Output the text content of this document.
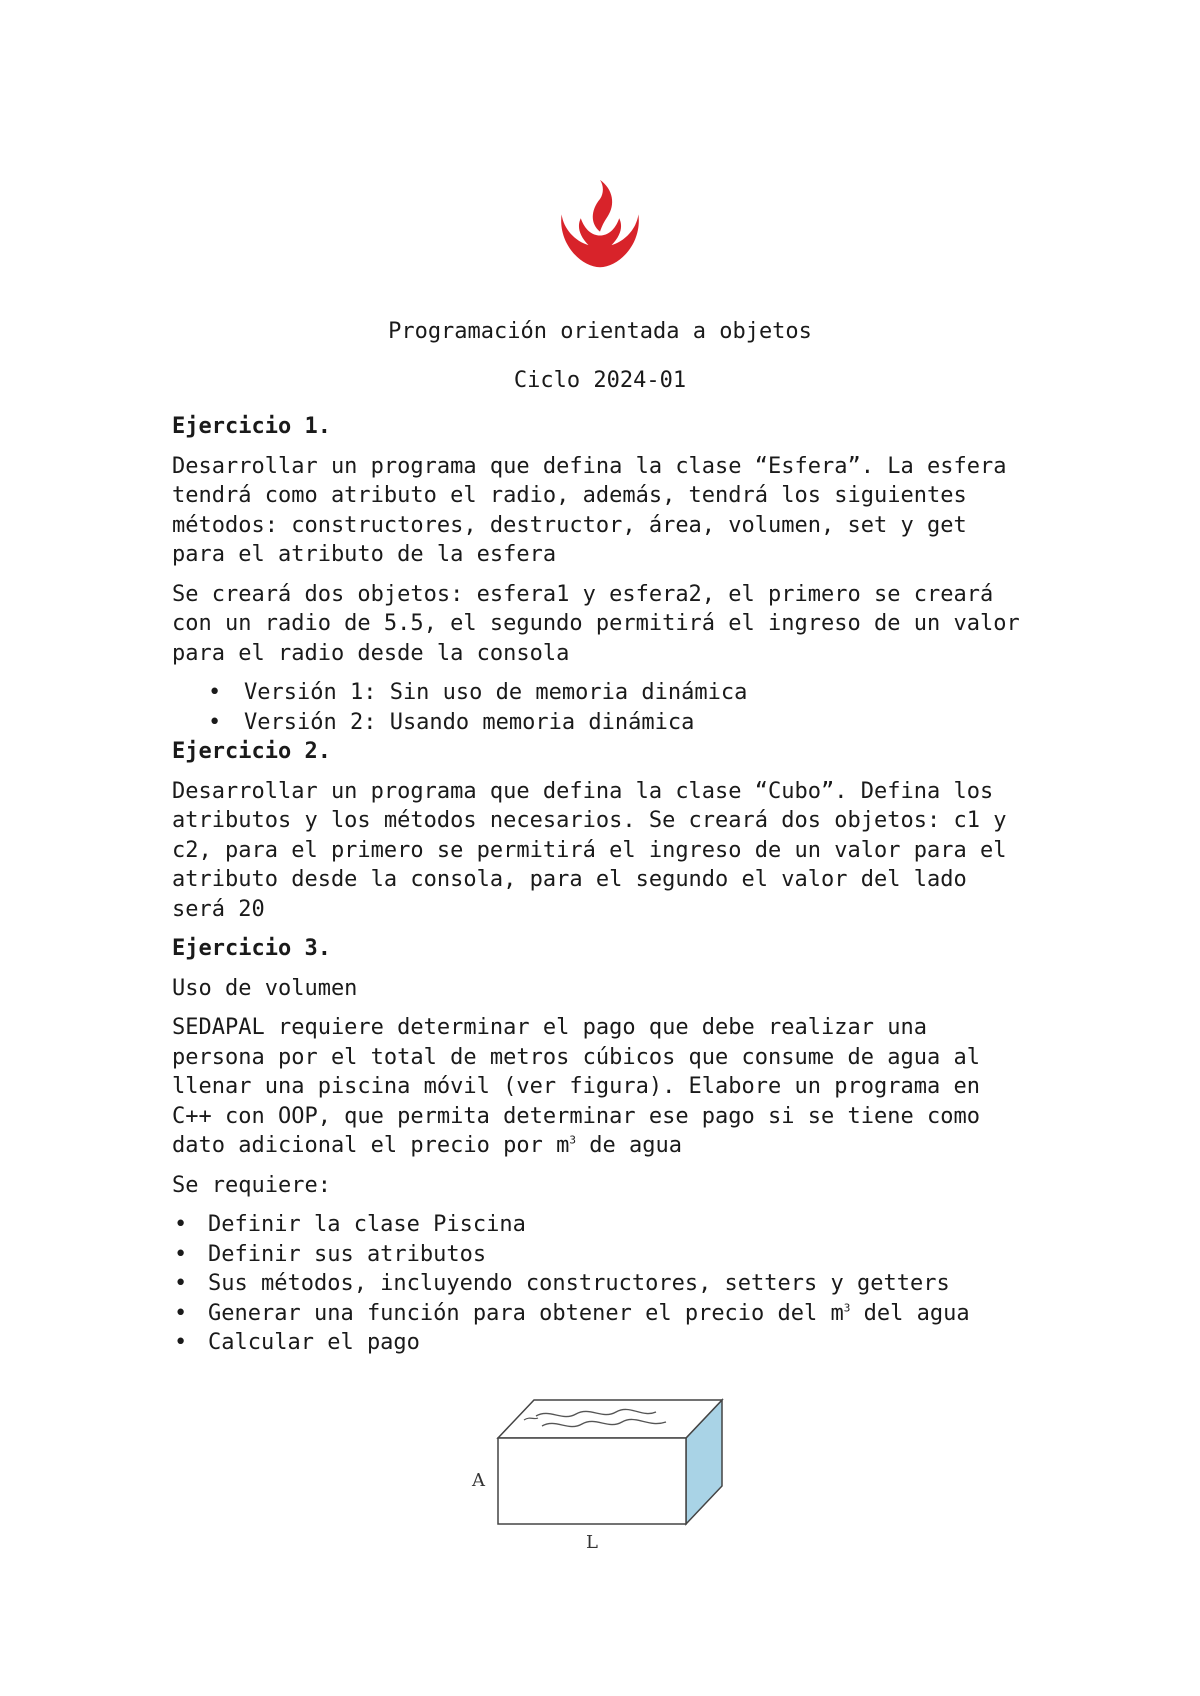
Programación orientada a objetos
Ciclo 2024-01
Ejercicio 1.
Desarrollar un programa que defina la clase “Esfera”. La esfera
tendrá como atributo el radio, además, tendrá los siguientes
métodos: constructores, destructor, área, volumen, set y get
para el atributo de la esfera
Se creará dos objetos: esfera1 y esfera2, el primero se creará
con un radio de 5.5, el segundo permitirá el ingreso de un valor
para el radio desde la consola
• Versión 1: Sin uso de memoria dinámica
• Versión 2: Usando memoria dinámica
Ejercicio 2.
Desarrollar un programa que defina la clase “Cubo”. Defina los
atributos y los métodos necesarios. Se creará dos objetos: c1 y
c2, para el primero se permitirá el ingreso de un valor para el
atributo desde la consola, para el segundo el valor del lado
será 20
Ejercicio 3.
Uso de volumen
SEDAPAL requiere determinar el pago que debe realizar una
persona por el total de metros cúbicos que consume de agua al
llenar una piscina móvil (ver figura). Elabore un programa en
C++ con OOP, que permita determinar ese pago si se tiene como
dato adicional el precio por $m^3$ de agua
Se requiere:
• Definir la clase Piscina
• Definir sus atributos
• Sus métodos, incluyendo constructores, setters y getters
• Generar una función para obtener el precio del $m^3$ del agua
• Calcular el pago
A
L
